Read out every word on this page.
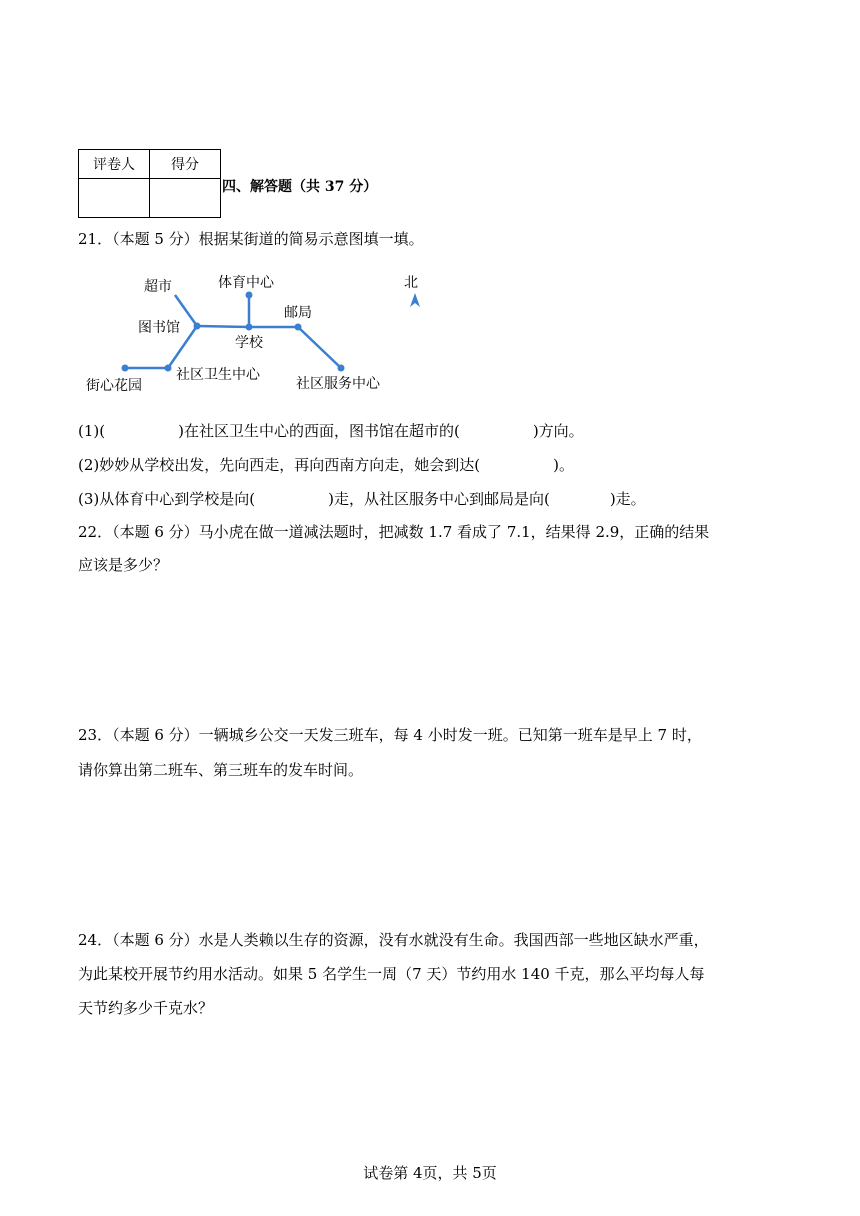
评卷人	得分

四、解答题（共 37 分）
21．（本题 5 分）根据某街道的简易示意图填一填。
超市	体育中心	北
图书馆
邮局
学校
街心花园
社区卫生中心
社区服务中心
(1)(	)在社区卫生中心的西面，图书馆在超市的(	)方向。
(2)妙妙从学校出发，先向西走，再向西南方向走，她会到达(	)。
(3)从体育中心到学校是向(	)走，从社区服务中心到邮局是向(	)走。
22．（本题 6 分）马小虎在做一道减法题时，把减数 1.7 看成了 7.1，结果得 2.9，正确的结果
应该是多少？
23．（本题 6 分）一辆城乡公交一天发三班车，每 4 小时发一班。已知第一班车是早上 7 时，
请你算出第二班车、第三班车的发车时间。
24．（本题 6 分）水是人类赖以生存的资源，没有水就没有生命。我国西部一些地区缺水严重，
为此某校开展节约用水活动。如果 5 名学生一周（7 天）节约用水 140 千克，那么平均每人每
天节约多少千克水？
试卷第 4页，共 5页
